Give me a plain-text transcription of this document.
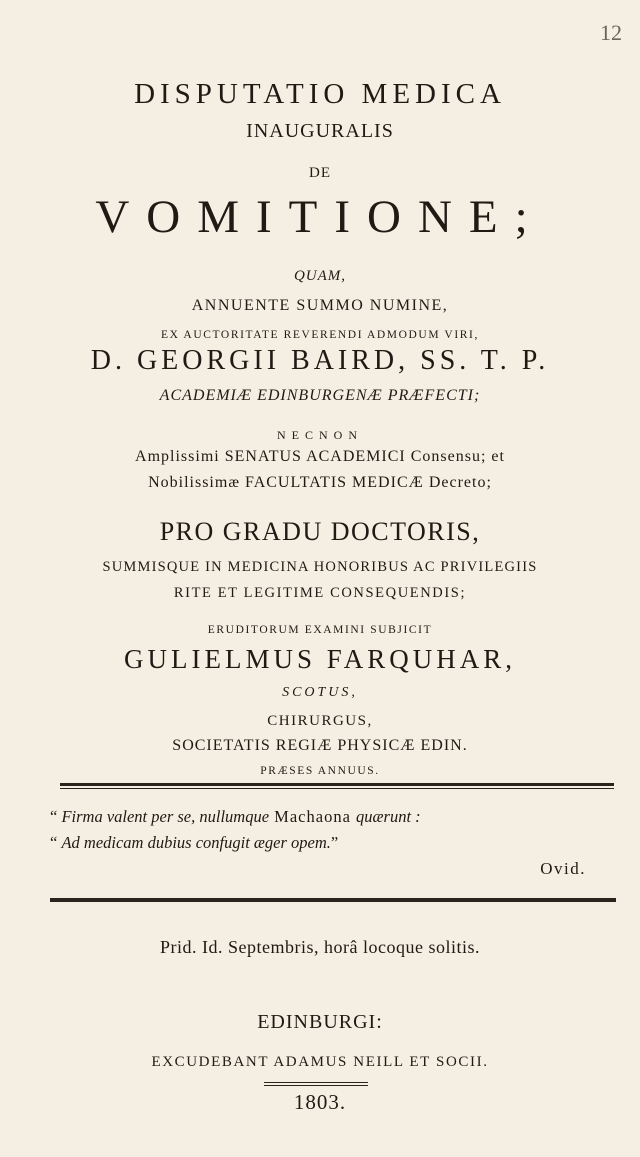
12
DISPUTATIO MEDICA
INAUGURALIS
DE
VOMITIONE;
QUAM,
ANNUENTE SUMMO NUMINE,
EX AUCTORITATE REVERENDI ADMODUM VIRI,
D. GEORGII BAIRD, SS. T. P.
ACADEMIÆ EDINBURGENÆ PRÆFECTI;
NECNON
Amplissimi SENATUS ACADEMICI Consensu; et
Nobilissimæ FACULTATIS MEDICÆ Decreto;
PRO GRADU DOCTORIS,
SUMMISQUE IN MEDICINA HONORIBUS AC PRIVILEGIIS
RITE ET LEGITIME CONSEQUENDIS;
ERUDITORUM EXAMINI SUBJICIT
GULIELMUS FARQUHAR,
SCOTUS,
CHIRURGUS,
SOCIETATIS REGIÆ PHYSICÆ EDIN.
PRÆSES ANNUUS.
“ Firma valent per se, nullumque Machaona quærunt :
“ Ad medicam dubius confugit æger opem.”
Ovid.
Prid. Id. Septembris, horâ locoque solitis.
EDINBURGI:
EXCUDEBANT ADAMUS NEILL ET SOCII.
1803.
